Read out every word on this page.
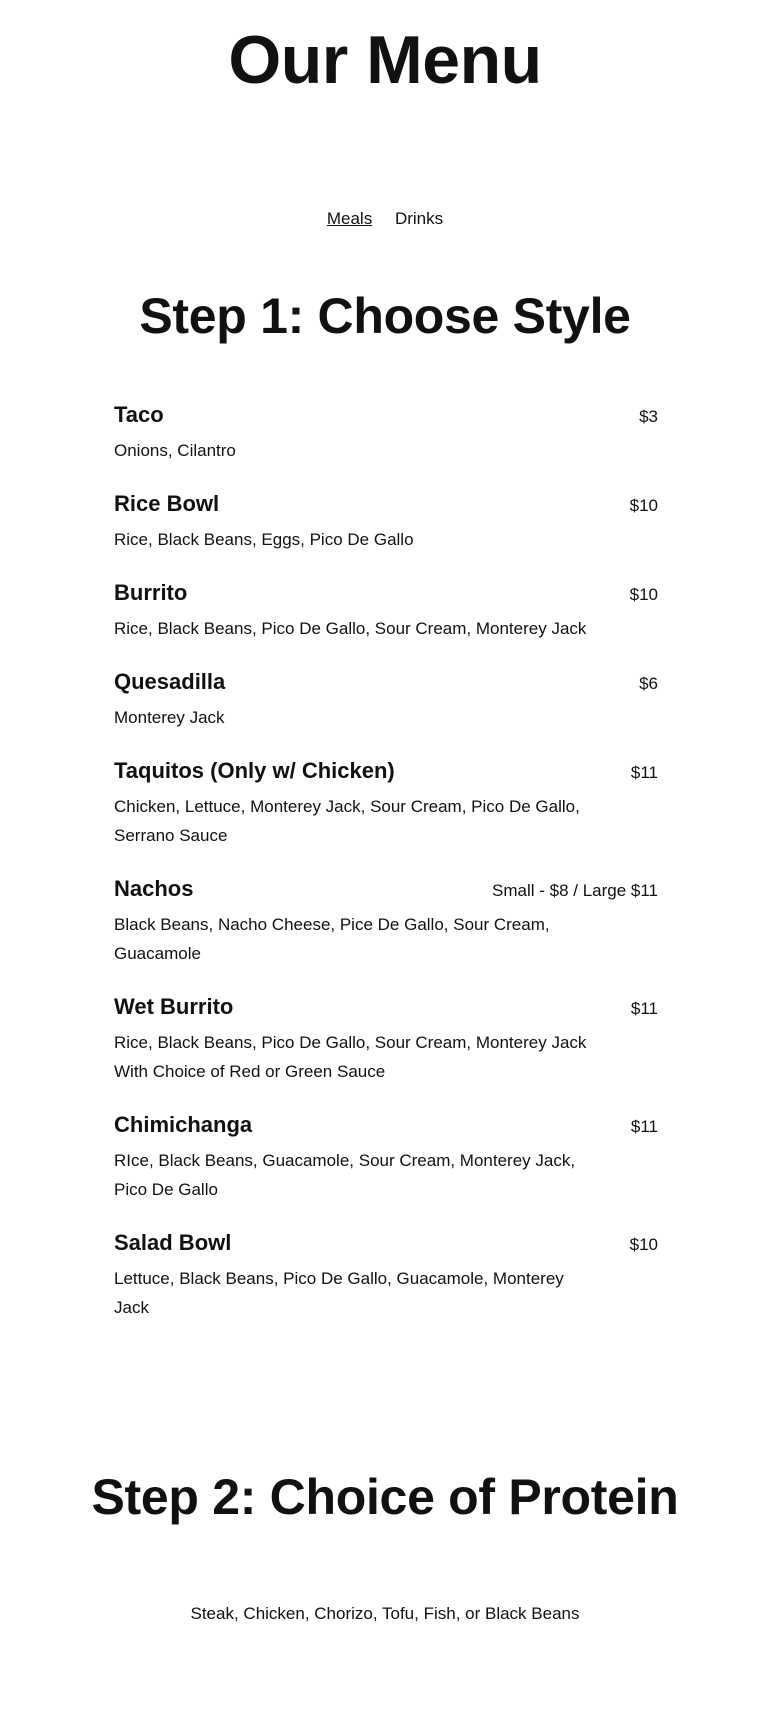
Our Menu
Meals Drinks
Step 1: Choose Style
Taco	$3
Onions, Cilantro
Rice Bowl	$10
Rice, Black Beans, Eggs, Pico De Gallo
Burrito	$10
Rice, Black Beans, Pico De Gallo, Sour Cream, Monterey Jack
Quesadilla	$6
Monterey Jack
Taquitos (Only w/ Chicken)	$11
Chicken, Lettuce, Monterey Jack, Sour Cream, Pico De Gallo, Serrano Sauce
Nachos	Small - $8 / Large $11
Black Beans, Nacho Cheese, Pice De Gallo, Sour Cream, Guacamole
Wet Burrito	$11
Rice, Black Beans, Pico De Gallo, Sour Cream, Monterey Jack With Choice of Red or Green Sauce
Chimichanga	$11
RIce, Black Beans, Guacamole, Sour Cream, Monterey Jack, Pico De Gallo
Salad Bowl	$10
Lettuce, Black Beans, Pico De Gallo, Guacamole, Monterey Jack
Step 2: Choice of Protein
Steak, Chicken, Chorizo, Tofu, Fish, or Black Beans
